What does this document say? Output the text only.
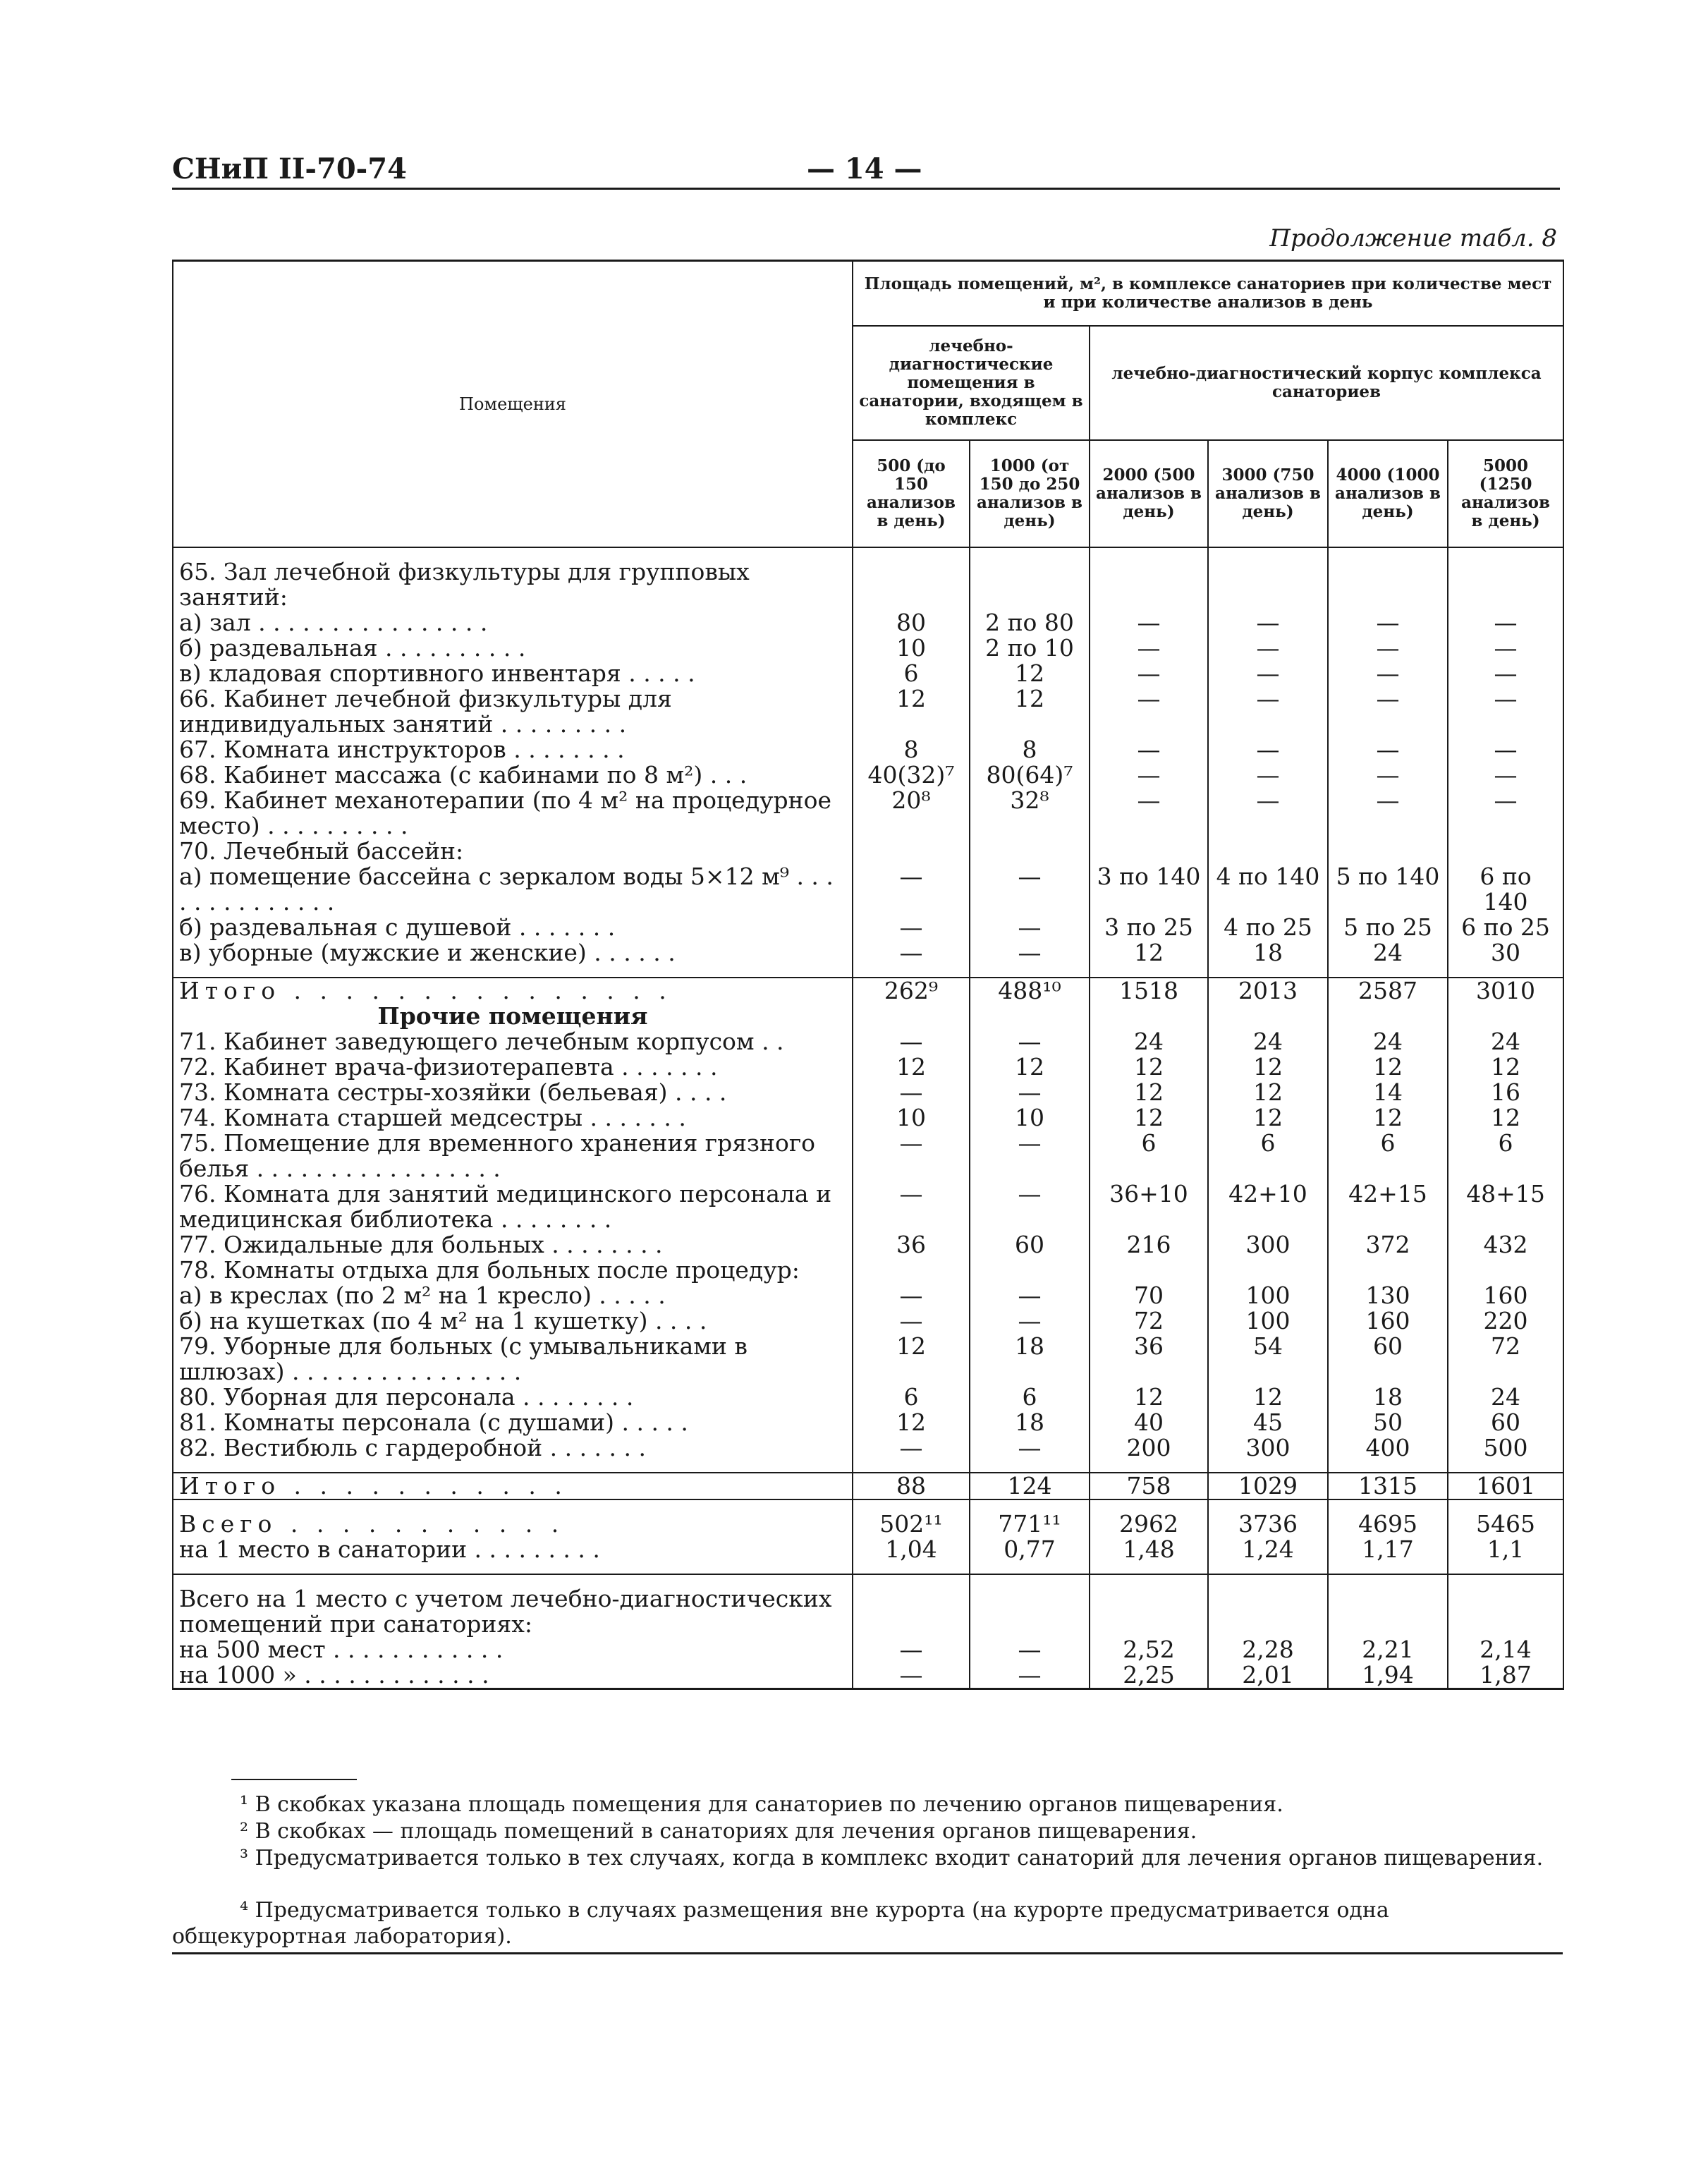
СНиП II-70-74	— 14 —
Продолжение табл. 8
Помещения	Площадь помещений, м², в комплексе санаториев при количестве мест и при количестве анализов в день					
	лечебно-диагностические помещения в санатории, входящем в комплекс		лечебно-диагностический корпус комплекса санаториев			
	500 (до 150 анализов в день)	1000 (от 150 до 250 анализов в день)	2000 (500 анализов в день)	3000 (750 анализов в день)	4000 (1000 анализов в день)	5000 (1250 анализов в день)

65. Зал лечебной физкультуры для групповых занятий:						
а) зал . . . . . . . . . . . . . . . .	80	2 по 80	—	—	—	—
б) раздевальная . . . . . . . . . .	10	2 по 10	—	—	—	—
в) кладовая спортивного инвентаря . . . . .	6	12	—	—	—	—
66. Кабинет лечебной физкультуры для индивидуальных занятий . . . . . . . . .	12	12	—	—	—	—
67. Комната инструкторов . . . . . . . .	8	8	—	—	—	—
68. Кабинет массажа (с кабинами по 8 м²) . . .	40(32)⁷	80(64)⁷	—	—	—	—
69. Кабинет механотерапии (по 4 м² на процедурное место) . . . . . . . . . .	20⁸	32⁸	—	—	—	—
70. Лечебный бассейн:						
а) помещение бассейна с зеркалом воды 5×12 м⁹ . . . . . . . . . . . . . .	—	—	3 по 140	4 по 140	5 по 140	6 по 140
б) раздевальная с душевой . . . . . . .	—	—	3 по 25	4 по 25	5 по 25	6 по 25
в) уборные (мужские и женские) . . . . . .	—	—	12	18	24	30

Итого . . . . . . . . . . . . . . .	262⁹	488¹⁰	1518	2013	2587	3010
Прочие помещения						
71. Кабинет заведующего лечебным корпусом . .	—	—	24	24	24	24
72. Кабинет врача-физиотерапевта . . . . . . .	12	12	12	12	12	12
73. Комната сестры-хозяйки (бельевая) . . . .	—	—	12	12	14	16
74. Комната старшей медсестры . . . . . . .	10	10	12	12	12	12
75. Помещение для временного хранения грязного белья . . . . . . . . . . . . . . . . .	—	—	6	6	6	6
76. Комната для занятий медицинского персонала и медицинская библиотека . . . . . . . .	—	—	36+10	42+10	42+15	48+15
77. Ожидальные для больных . . . . . . . .	36	60	216	300	372	432
78. Комнаты отдыха для больных после процедур:						
а) в креслах (по 2 м² на 1 кресло) . . . . .	—	—	70	100	130	160
б) на кушетках (по 4 м² на 1 кушетку) . . . .	—	—	72	100	160	220
79. Уборные для больных (с умывальниками в шлюзах) . . . . . . . . . . . . . . . .	12	18	36	54	60	72
80. Уборная для персонала . . . . . . . .	6	6	12	12	18	24
81. Комнаты персонала (с душами) . . . . .	12	18	40	45	50	60
82. Вестибюль с гардеробной . . . . . . .	—	—	200	300	400	500

Итого . . . . . . . . . . .	88	124	758	1029	1315	1601

Всего . . . . . . . . . . .	502¹¹	771¹¹	2962	3736	4695	5465
на 1 место в санатории . . . . . . . . .	1,04	0,77	1,48	1,24	1,17	1,1

Всего на 1 место с учетом лечебно-диагностических помещений при санаториях:						
на 500 мест . . . . . . . . . . . .	—	—	2,52	2,28	2,21	2,14
на 1000 » . . . . . . . . . . . . .	—	—	2,25	2,01	1,94	1,87
¹ В скобках указана площадь помещения для санаториев по лечению органов пищеварения.
² В скобках — площадь помещений в санаториях для лечения органов пищеварения.
³ Предусматривается только в тех случаях, когда в комплекс входит санаторий для лечения органов пищеварения.
⁴ Предусматривается только в случаях размещения вне курорта (на курорте предусматривается одна общекурортная лаборатория).
